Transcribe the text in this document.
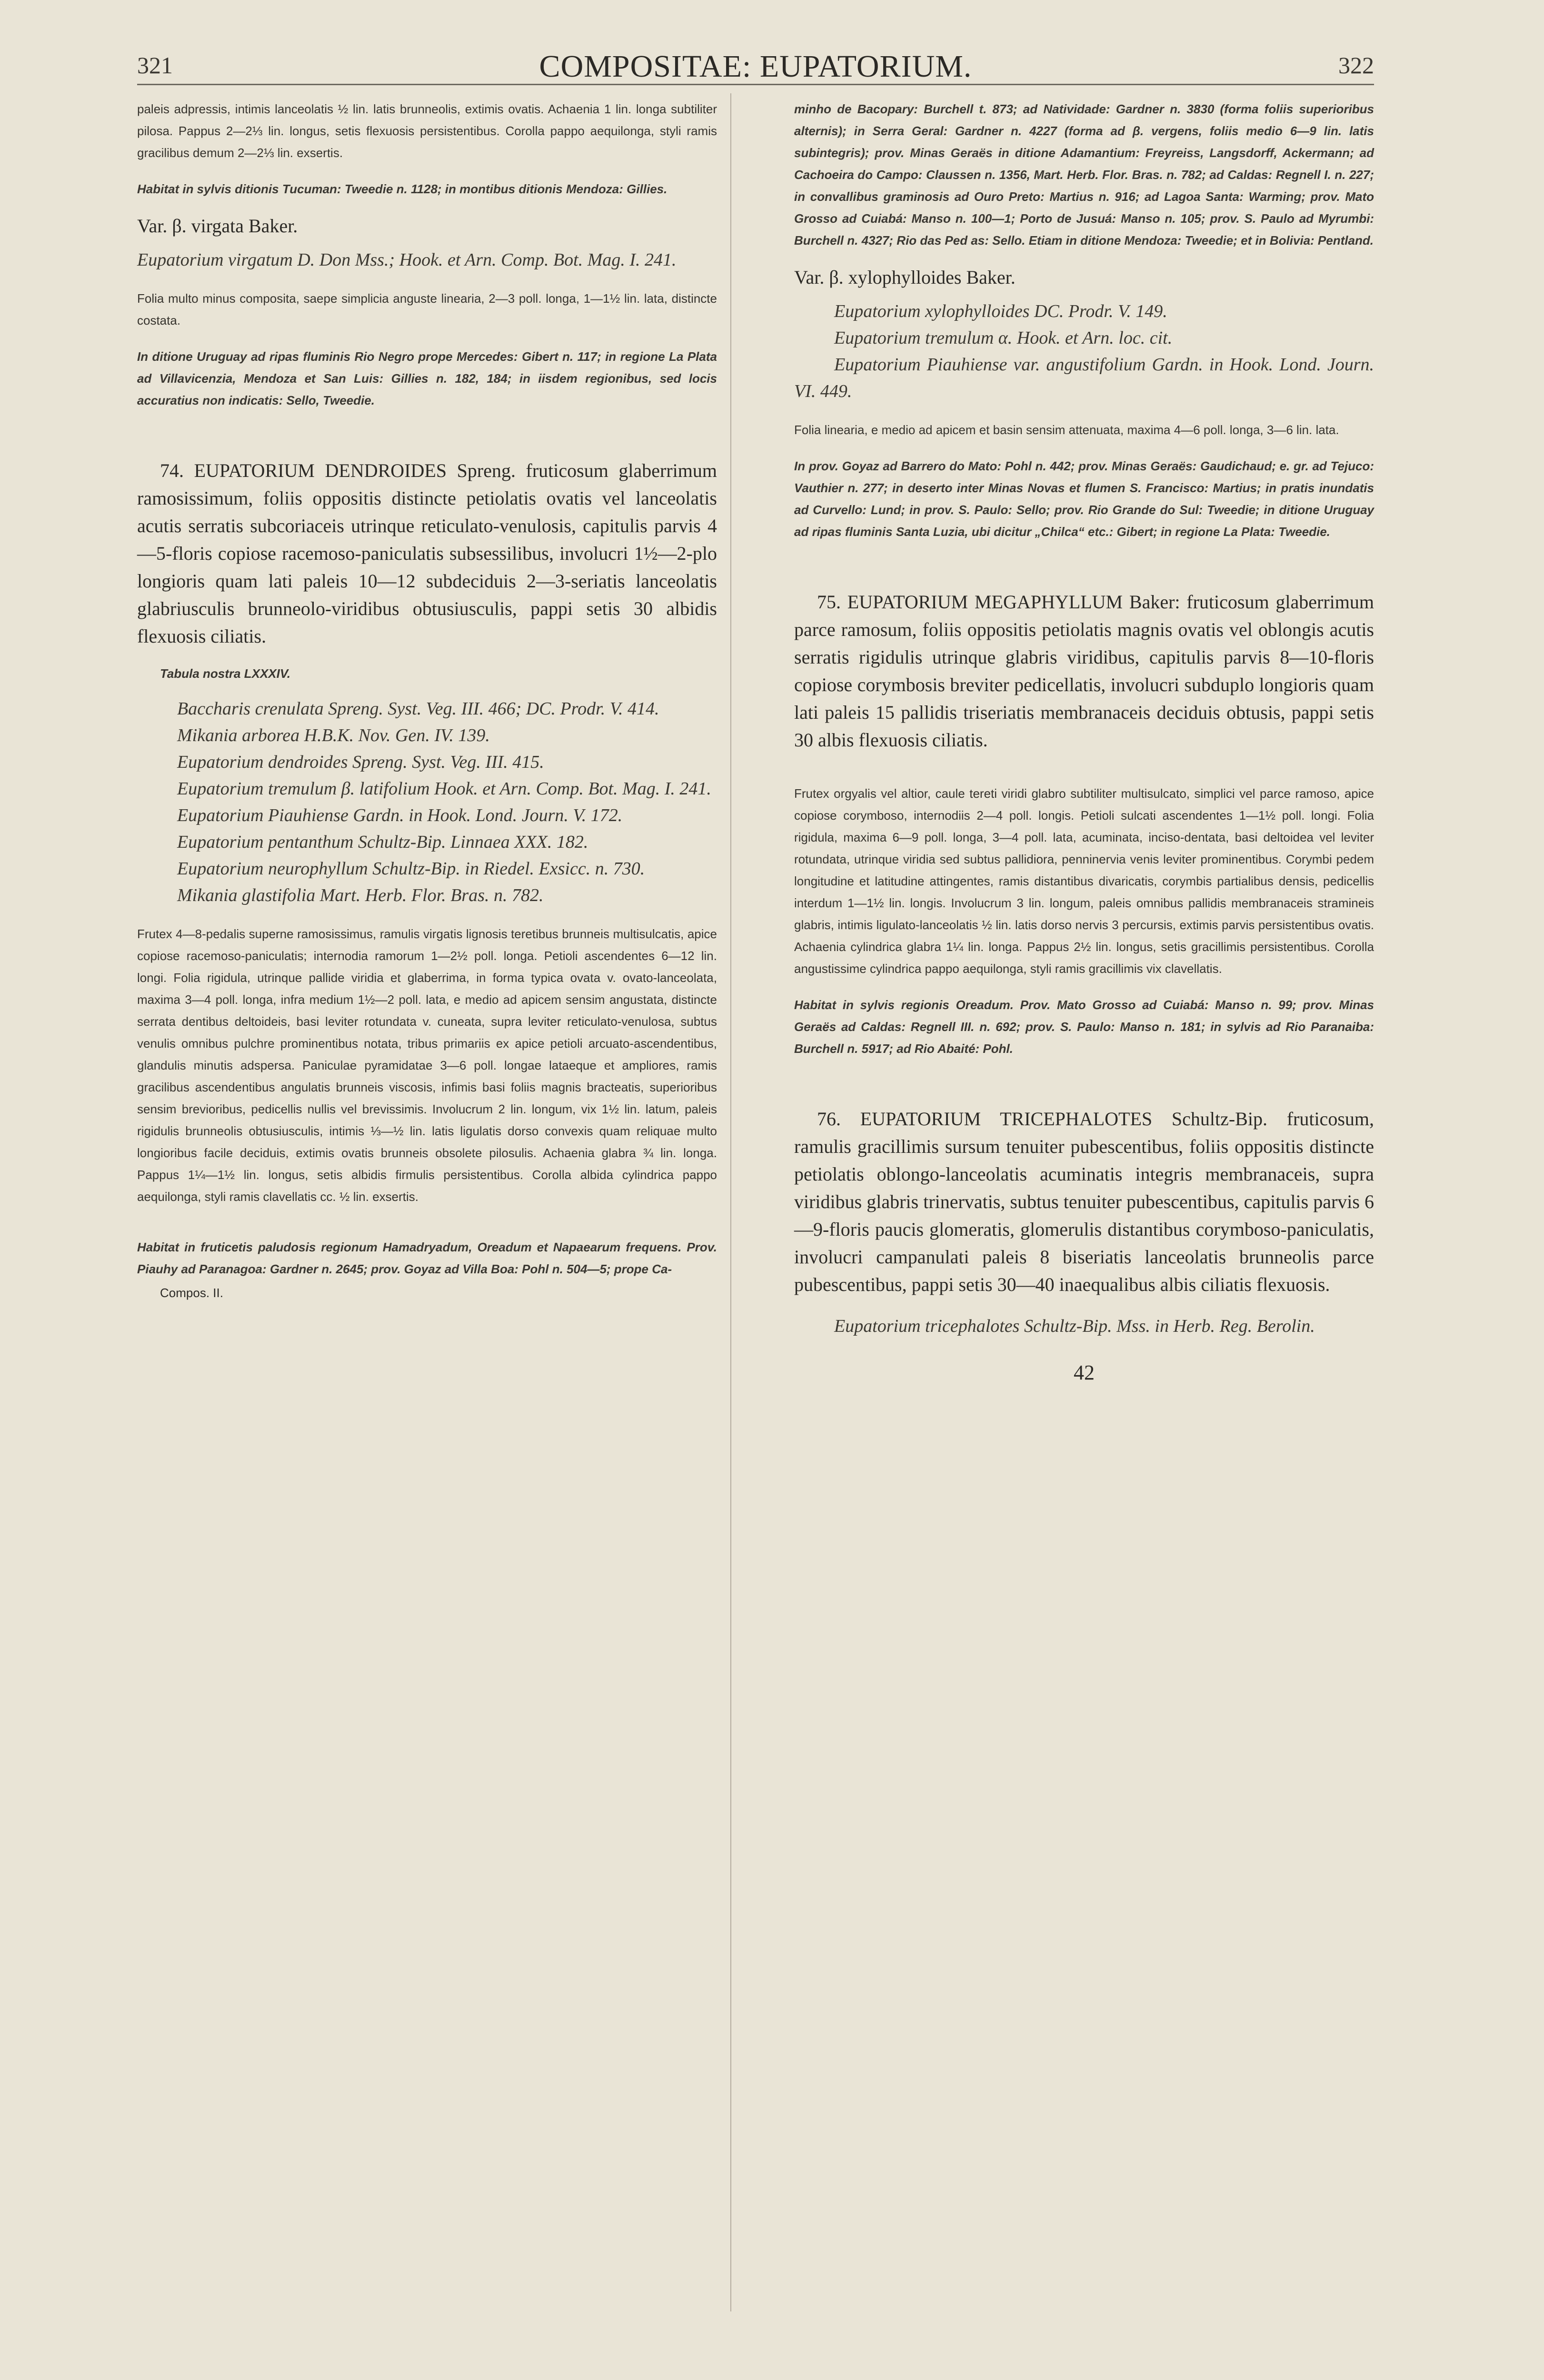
321	COMPOSITAE: EUPATORIUM.	322

paleis adpressis, intimis lanceolatis ½ lin. latis brunneolis, extimis ovatis. Achaenia 1 lin. longa subtiliter pilosa. Pappus 2—2⅓ lin. longus, setis flexuosis persistentibus. Corolla pappo aequilonga, styli ramis gracilibus demum 2—2⅓ lin. exsertis.

Habitat in sylvis ditionis Tucuman: Tweedie n. 1128; in montibus ditionis Mendoza: Gillies.

Var. β. virgata Baker.

Eupatorium virgatum D. Don Mss.; Hook. et Arn. Comp. Bot. Mag. I. 241.

Folia multo minus composita, saepe simplicia anguste linearia, 2—3 poll. longa, 1—1½ lin. lata, distincte costata.

In ditione Uruguay ad ripas fluminis Rio Negro prope Mercedes: Gibert n. 117; in regione La Plata ad Villavicenzia, Mendoza et San Luis: Gillies n. 182, 184; in iisdem regionibus, sed locis accuratius non indicatis: Sello, Tweedie.

74. EUPATORIUM DENDROIDES Spreng. fruticosum glaberrimum ramosissimum, foliis oppositis distincte petiolatis ovatis vel lanceolatis acutis serratis subcoriaceis utrinque reticulato-venulosis, capitulis parvis 4—5-floris copiose racemoso-paniculatis subsessilibus, involucri 1½—2-plo longioris quam lati paleis 10—12 subdeciduis 2—3-seriatis lanceolatis glabriusculis brunneolo-viridibus obtusiusculis, pappi setis 30 albidis flexuosis ciliatis.

Tabula nostra LXXXIV.

Baccharis crenulata Spreng. Syst. Veg. III. 466; DC. Prodr. V. 414.

Mikania arborea H.B.K. Nov. Gen. IV. 139.

Eupatorium dendroides Spreng. Syst. Veg. III. 415.

Eupatorium tremulum β. latifolium Hook. et Arn. Comp. Bot. Mag. I. 241.

Eupatorium Piauhiense Gardn. in Hook. Lond. Journ. V. 172.

Eupatorium pentanthum Schultz-Bip. Linnaea XXX. 182.

Eupatorium neurophyllum Schultz-Bip. in Riedel. Exsicc. n. 730.

Mikania glastifolia Mart. Herb. Flor. Bras. n. 782.

Frutex 4—8-pedalis superne ramosissimus, ramulis virgatis lignosis teretibus brunneis multisulcatis, apice copiose racemoso-paniculatis; internodia ramorum 1—2½ poll. longa. Petioli ascendentes 6—12 lin. longi. Folia rigidula, utrinque pallide viridia et glaberrima, in forma typica ovata v. ovato-lanceolata, maxima 3—4 poll. longa, infra medium 1½—2 poll. lata, e medio ad apicem sensim angustata, distincte serrata dentibus deltoideis, basi leviter rotundata v. cuneata, supra leviter reticulato-venulosa, subtus venulis omnibus pulchre prominentibus notata, tribus primariis ex apice petioli arcuato-ascendentibus, glandulis minutis adspersa. Paniculae pyramidatae 3—6 poll. longae lataeque et ampliores, ramis gracilibus ascendentibus angulatis brunneis viscosis, infimis basi foliis magnis bracteatis, superioribus sensim brevioribus, pedicellis nullis vel brevissimis. Involucrum 2 lin. longum, vix 1½ lin. latum, paleis rigidulis brunneolis obtusiusculis, intimis ⅓—½ lin. latis ligulatis dorso convexis quam reliquae multo longioribus facile deciduis, extimis ovatis brunneis obsolete pilosulis. Achaenia glabra ¾ lin. longa. Pappus 1¼—1½ lin. longus, setis albidis firmulis persistentibus. Corolla albida cylindrica pappo aequilonga, styli ramis clavellatis cc. ½ lin. exsertis.

Habitat in fruticetis paludosis regionum Hamadryadum, Oreadum et Napaearum frequens. Prov. Piauhy ad Paranagoa: Gardner n. 2645; prov. Goyaz ad Villa Boa: Pohl n. 504—5; prope Ca-

Compos. II.

minho de Bacopary: Burchell t. 873; ad Natividade: Gardner n. 3830 (forma foliis superioribus alternis); in Serra Geral: Gardner n. 4227 (forma ad β. vergens, foliis medio 6—9 lin. latis subintegris); prov. Minas Geraës in ditione Adamantium: Freyreiss, Langsdorff, Ackermann; ad Cachoeira do Campo: Claussen n. 1356, Mart. Herb. Flor. Bras. n. 782; ad Caldas: Regnell I. n. 227; in convallibus graminosis ad Ouro Preto: Martius n. 916; ad Lagoa Santa: Warming; prov. Mato Grosso ad Cuiabá: Manso n. 100—1; Porto de Jusuá: Manso n. 105; prov. S. Paulo ad Myrumbi: Burchell n. 4327; Rio das Ped as: Sello. Etiam in ditione Mendoza: Tweedie; et in Bolivia: Pentland.

Var. β. xylophylloides Baker.

Eupatorium xylophylloides DC. Prodr. V. 149.

Eupatorium tremulum α. Hook. et Arn. loc. cit.

Eupatorium Piauhiense var. angustifolium Gardn. in Hook. Lond. Journ. VI. 449.

Folia linearia, e medio ad apicem et basin sensim attenuata, maxima 4—6 poll. longa, 3—6 lin. lata.

In prov. Goyaz ad Barrero do Mato: Pohl n. 442; prov. Minas Geraës: Gaudichaud; e. gr. ad Tejuco: Vauthier n. 277; in deserto inter Minas Novas et flumen S. Francisco: Martius; in pratis inundatis ad Curvello: Lund; in prov. S. Paulo: Sello; prov. Rio Grande do Sul: Tweedie; in ditione Uruguay ad ripas fluminis Santa Luzia, ubi dicitur „Chilca“ etc.: Gibert; in regione La Plata: Tweedie.

75. EUPATORIUM MEGAPHYLLUM Baker: fruticosum glaberrimum parce ramosum, foliis oppositis petiolatis magnis ovatis vel oblongis acutis serratis rigidulis utrinque glabris viridibus, capitulis parvis 8—10-floris copiose corymbosis breviter pedicellatis, involucri subduplo longioris quam lati paleis 15 pallidis triseriatis membranaceis deciduis obtusis, pappi setis 30 albis flexuosis ciliatis.

Frutex orgyalis vel altior, caule tereti viridi glabro subtiliter multisulcato, simplici vel parce ramoso, apice copiose corymboso, internodiis 2—4 poll. longis. Petioli sulcati ascendentes 1—1½ poll. longi. Folia rigidula, maxima 6—9 poll. longa, 3—4 poll. lata, acuminata, inciso-dentata, basi deltoidea vel leviter rotundata, utrinque viridia sed subtus pallidiora, penninervia venis leviter prominentibus. Corymbi pedem longitudine et latitudine attingentes, ramis distantibus divaricatis, corymbis partialibus densis, pedicellis interdum 1—1½ lin. longis. Involucrum 3 lin. longum, paleis omnibus pallidis membranaceis stramineis glabris, intimis ligulato-lanceolatis ½ lin. latis dorso nervis 3 percursis, extimis parvis persistentibus ovatis. Achaenia cylindrica glabra 1¼ lin. longa. Pappus 2½ lin. longus, setis gracillimis persistentibus. Corolla angustissime cylindrica pappo aequilonga, styli ramis gracillimis vix clavellatis.

Habitat in sylvis regionis Oreadum. Prov. Mato Grosso ad Cuiabá: Manso n. 99; prov. Minas Geraës ad Caldas: Regnell III. n. 692; prov. S. Paulo: Manso n. 181; in sylvis ad Rio Paranaiba: Burchell n. 5917; ad Rio Abaité: Pohl.

76. EUPATORIUM TRICEPHALOTES Schultz-Bip. fruticosum, ramulis gracillimis sursum tenuiter pubescentibus, foliis oppositis distincte petiolatis oblongo-lanceolatis acuminatis integris membranaceis, supra viridibus glabris trinervatis, subtus tenuiter pubescentibus, capitulis parvis 6—9-floris paucis glomeratis, glomerulis distantibus corymboso-paniculatis, involucri campanulati paleis 8 biseriatis lanceolatis brunneolis parce pubescentibus, pappi setis 30—40 inaequalibus albis ciliatis flexuosis.

Eupatorium tricephalotes Schultz-Bip. Mss. in Herb. Reg. Berolin.

42
